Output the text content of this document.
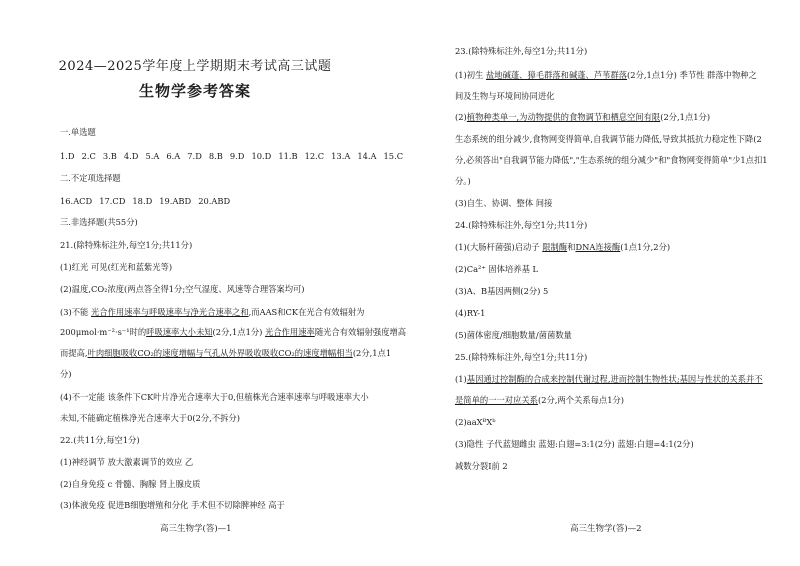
2024—2025学年度上学期期末考试高三试题
生物学参考答案
一.单选题
1.D 2.C 3.B 4.D 5.A 6.A 7.D 8.B 9.D 10.D 11.B 12.C 13.A 14.A 15.C
二.不定项选择题
16.ACD 17.CD 18.D 19.ABD 20.ABD
三.非选择题(共55分)
21.(除特殊标注外,每空1分;共11分)
(1)红光 可见(红光和蓝紫光等)
(2)温度,CO₂浓度(两点答全得1分;空气湿度、风速等合理答案均可)
(3)不能 光合作用速率与呼吸速率与净光合速率之和,而AAS和CK在光合有效辐射为
200μmol·m⁻²·s⁻¹时的呼吸速率大小未知(2分,1点1分) 光合作用速率随光合有效辐射强度增高
而提高,叶肉细胞吸收CO₂的速度增幅与气孔从外界吸收吸收CO₂的速度增幅相当(2分,1点1
分)
(4)不一定能 该条件下CK叶片净光合速率大于0,但植株光合速率速率与呼吸速率大小
未知,不能确定植株净光合速率大于0(2分,不拆分)
22.(共11分,每空1分)
(1)神经调节 放大激素调节的效应 乙
(2)自身免疫 c 骨髓、胸腺 肾上腺皮质
(3)体液免疫 促进B细胞增殖和分化 手术但不切除脾神经 高于
高三生物学(答)—1
23.(除特殊标注外,每空1分;共11分)
(1)初生 盐地碱蓬、獐毛群落和碱蓬、芦苇群落(2分,1点1分) 季节性 群落中物种之
间及生物与环境间协同进化
(2)植物种类单一,为动物提供的食物调节和栖息空间有限(2分,1点1分)
生态系统的组分减少,食物网变得简单,自我调节能力降低,导致其抵抗力稳定性下降(2
分,必须答出"自我调节能力降低","生态系统的组分减少"和"食物网变得简单"少1点扣1
分。)
(3)自生、协调、整体 间接
24.(除特殊标注外,每空1分;共11分)
(1)(大肠杆菌强)启动子 限制酶和DNA连接酶(1点1分,2分)
(2)Ca²⁺ 固体培养基 L
(3)A、B基因两侧(2分) 5
(4)RY-1
(5)菌体密度/细胞数量/菌菌数量
25.(除特殊标注外,每空1分;共11分)
(1)基因通过控制酶的合成来控制代谢过程,进而控制生物性状;基因与性状的关系并不
是简单的一一对应关系(2分,两个关系每点1分)
(2)aaXᴮXᵇ
(3)隐性 子代蓝翅雌虫 蓝翅:白翅=3:1(2分) 蓝翅:白翅=4:1(2分)
减数分裂I前 2
高三生物学(答)—2
